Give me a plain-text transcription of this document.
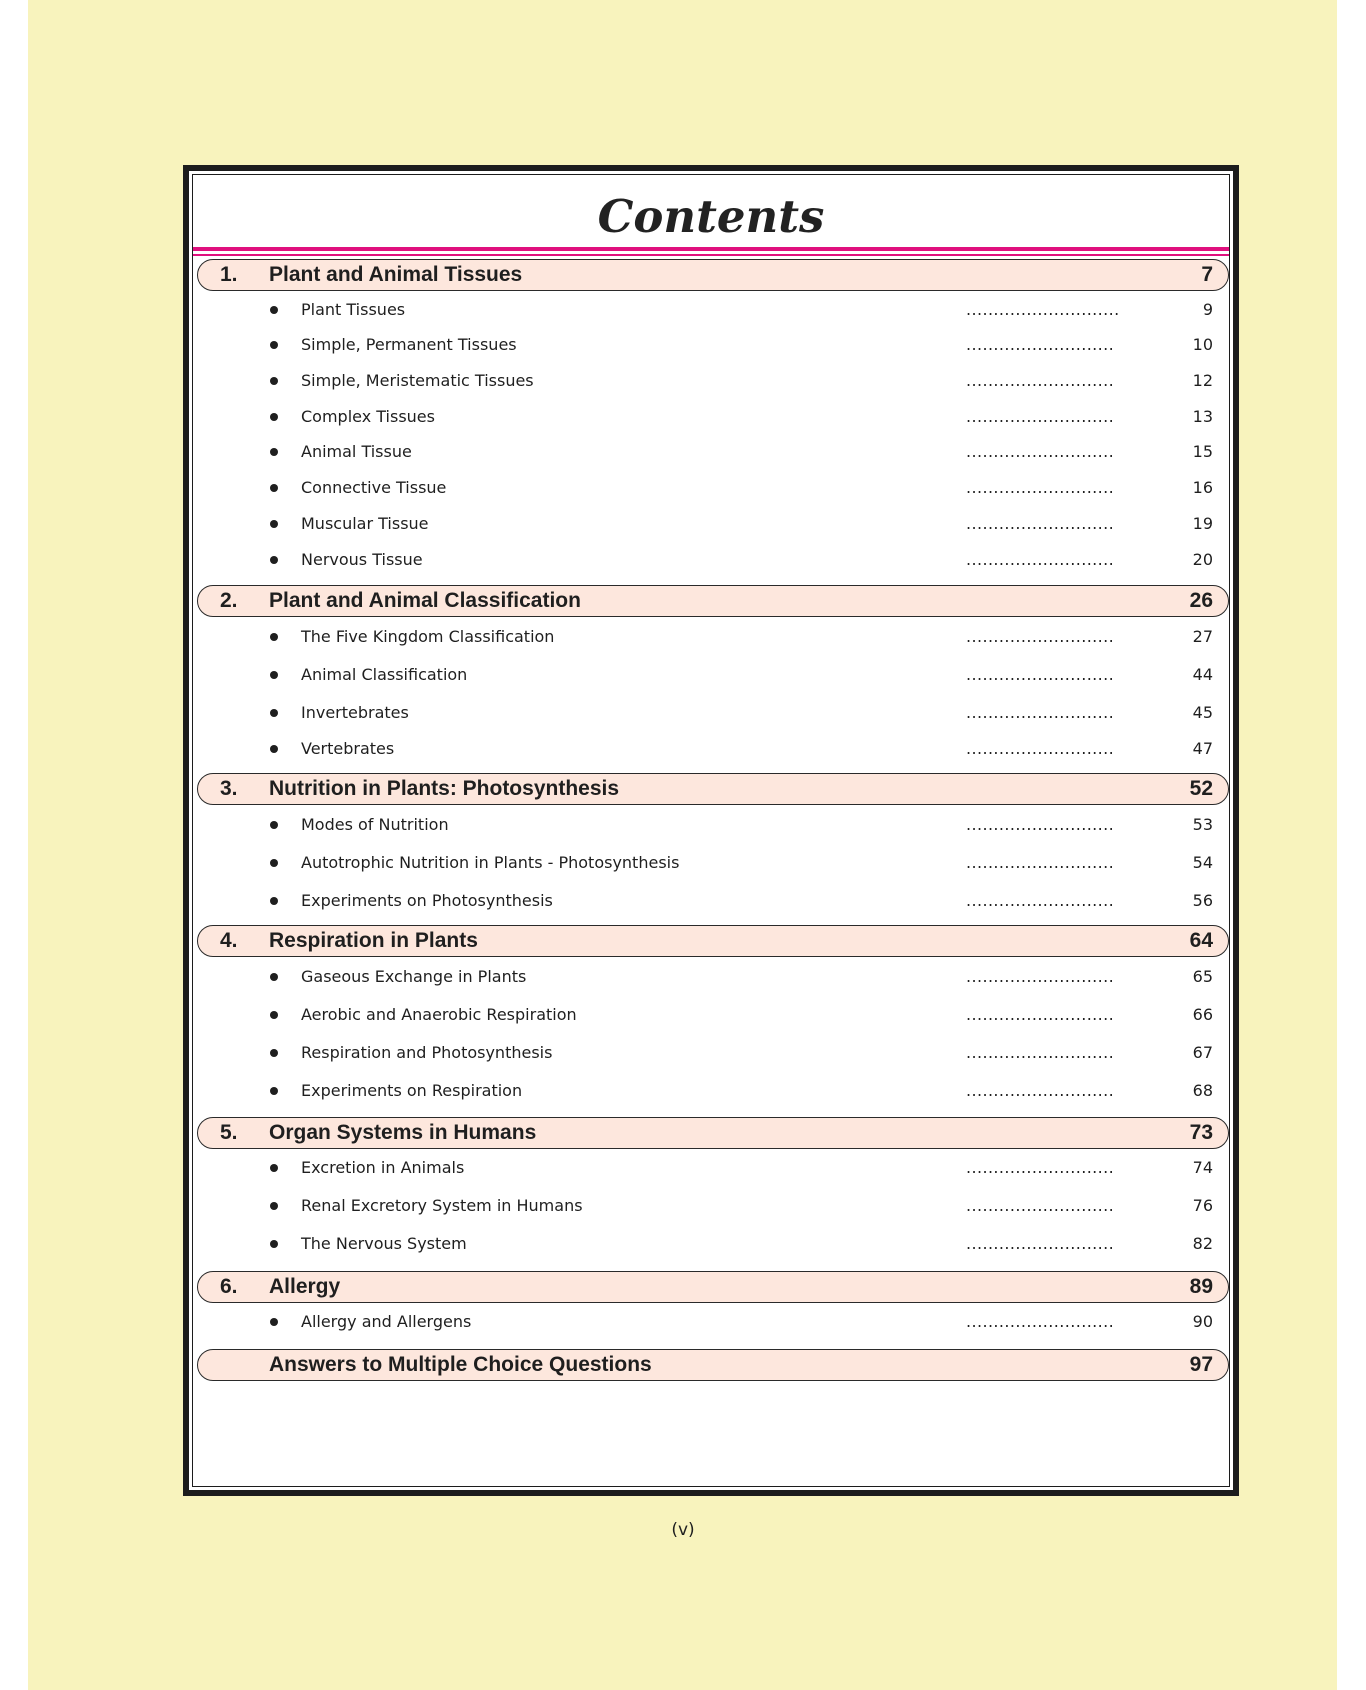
Contents
1. Plant and Animal Tissues	7
Plant Tissues	............................	9
Simple, Permanent Tissues	...........................	10
Simple, Meristematic Tissues	...........................	12
Complex Tissues	...........................	13
Animal Tissue	...........................	15
Connective Tissue	...........................	16
Muscular Tissue	...........................	19
Nervous Tissue	...........................	20
2. Plant and Animal Classification	26
The Five Kingdom Classification	...........................	27
Animal Classification	...........................	44
Invertebrates	...........................	45
Vertebrates	...........................	47
3. Nutrition in Plants: Photosynthesis	52
Modes of Nutrition	...........................	53
Autotrophic Nutrition in Plants - Photosynthesis	...........................	54
Experiments on Photosynthesis	...........................	56
4. Respiration in Plants	64
Gaseous Exchange in Plants	...........................	65
Aerobic and Anaerobic Respiration	...........................	66
Respiration and Photosynthesis	...........................	67
Experiments on Respiration	...........................	68
5. Organ Systems in Humans	73
Excretion in Animals	...........................	74
Renal Excretory System in Humans	...........................	76
The Nervous System	...........................	82
6. Allergy	89
Allergy and Allergens	...........................	90
Answers to Multiple Choice Questions	97
(v)
